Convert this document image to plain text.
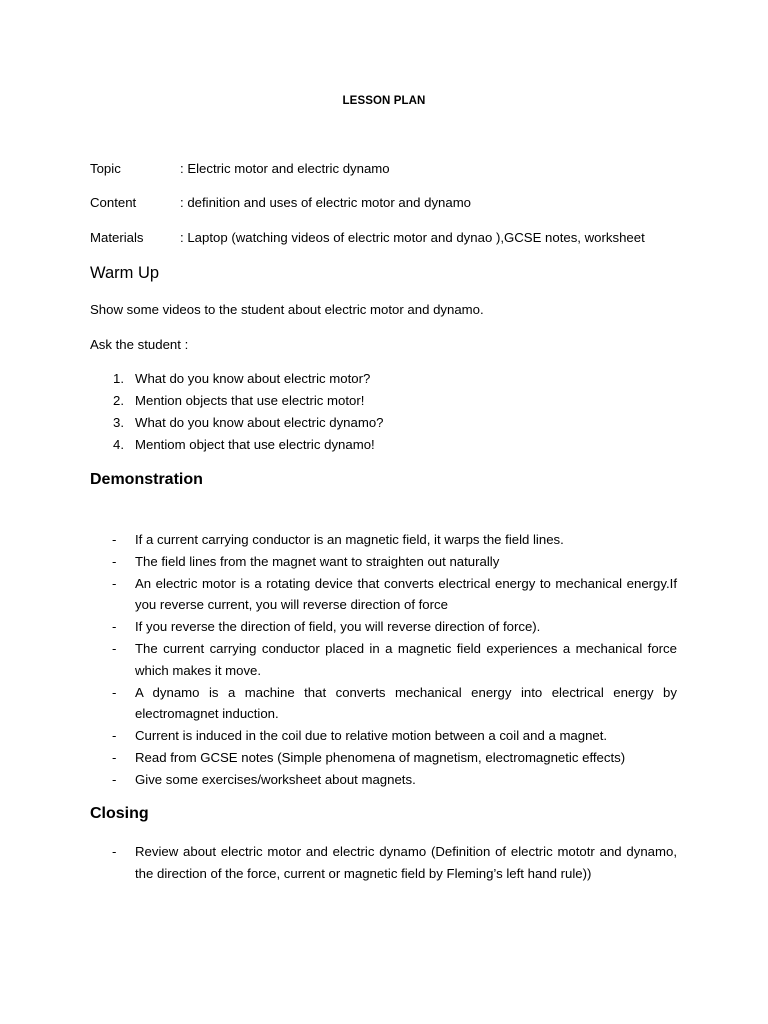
LESSON PLAN
Topic	: Electric motor and electric dynamo
Content	: definition and uses of electric motor and dynamo
Materials	: Laptop (watching videos of electric motor and dynao ),GCSE notes, worksheet
Warm Up
Show some videos to the student about electric motor and dynamo.
Ask the student :
1. What do you know about electric motor?
2. Mention objects that use electric motor!
3. What do you know about electric dynamo?
4. Mentiom object that use electric dynamo!
Demonstration
- If a current carrying conductor is an magnetic field, it warps the field lines.
- The field lines from the magnet want to straighten out naturally
- An electric motor is a rotating device that converts electrical energy to mechanical energy.If you reverse current, you will reverse direction of force
- If you reverse the direction of field, you will reverse direction of force).
- The current carrying conductor placed in a magnetic field experiences a mechanical force which makes it move.
- A dynamo is a machine that converts mechanical energy into electrical energy by electromagnet induction.
- Current is induced in the coil due to relative motion between a coil and a magnet.
- Read from GCSE notes (Simple phenomena of magnetism, electromagnetic effects)
- Give some exercises/worksheet about magnets.
Closing
- Review about electric motor and electric dynamo (Definition of electric mototr and dynamo, the direction of the force, current or magnetic field by Fleming’s left hand rule))
